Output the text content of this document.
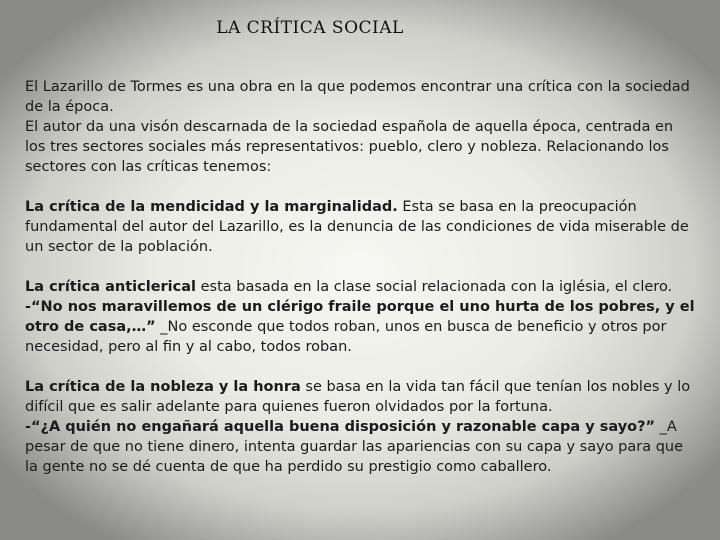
LA CRÍTICA SOCIAL

El Lazarillo de Tormes es una obra en la que podemos encontrar una crítica con la sociedad de la época.

El autor da una visón descarnada de la sociedad española de aquella época, centrada en los tres sectores sociales más representativos: pueblo, clero y nobleza. Relacionando los sectores con las críticas tenemos:

La crítica de la mendicidad y la marginalidad. Esta se basa en la preocupación fundamental del autor del Lazarillo, es la denuncia de las condiciones de vida miserable de un sector de la población.

La crítica anticlerical esta basada en la clase social relacionada con la iglésia, el clero.

-“No nos maravillemos de un clérigo fraile porque el uno hurta de los pobres, y el otro de casa,…” _No esconde que todos roban, unos en busca de beneficio y otros por necesidad, pero al fin y al cabo, todos roban.

La crítica de la nobleza y la honra se basa en la vida tan fácil que tenían los nobles y lo difícil que es salir adelante para quienes fueron olvidados por la fortuna.

-“¿A quién no engañará aquella buena disposición y razonable capa y sayo?” _A pesar de que no tiene dinero, intenta guardar las apariencias con su capa y sayo para que la gente no se dé cuenta de que ha perdido su prestigio como caballero.
